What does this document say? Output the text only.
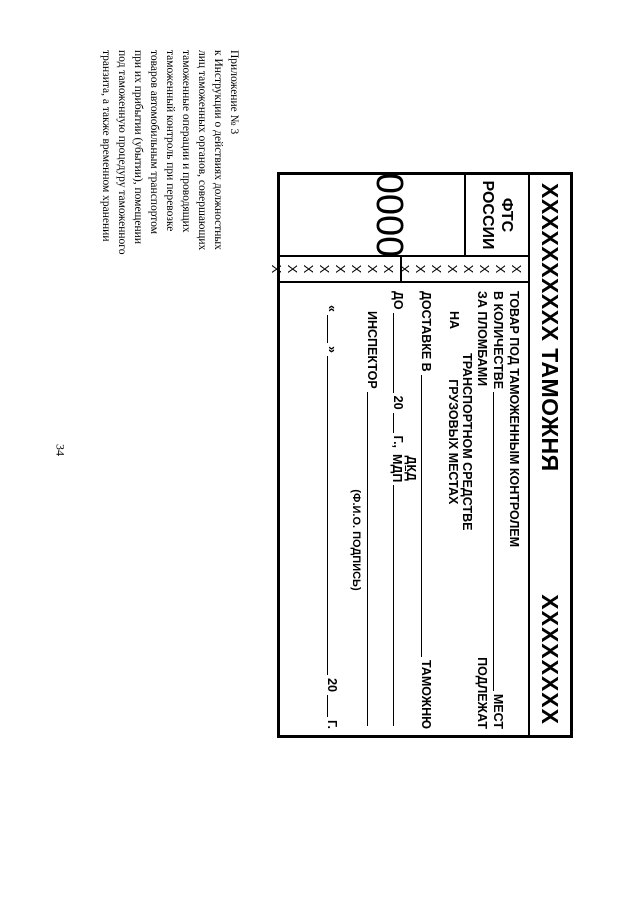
34
Приложение № 3
к Инструкции о действиях должностных
лиц таможенных органов, совершающих
таможенные операции и проводящих
таможенный контроль при перевозке
товаров автомобильным транспортом
при их прибытии (убытии), помещении
под таможенную процедуру таможенного
транзита, а также временном хранении
XXXXXXXXXX ТАМОЖНЯ
XXXXXXXX
ФТС
РОССИИ
0000
X
X
X
X
X
X
X
X
X
X
X
X
X
X
X
X
ТОВАР ПОД ТАМОЖЕННЫМ КОНТРОЛЕМ
В КОЛИЧЕСТВЕ
МЕСТ
ЗА ПЛОМБАМИ
ПОДЛЕЖАТ
НА
ТРАНСПОРТНОМ СРЕДСТВЕ
ГРУЗОВЫХ МЕСТАХ
ДОСТАВКЕ В
ТАМОЖНЮ
ДО
20
Г.,
ДКД
МДП
ИНСПЕКТОР
(Ф.И.О. ПОДПИСЬ)
«
»
20
Г.
